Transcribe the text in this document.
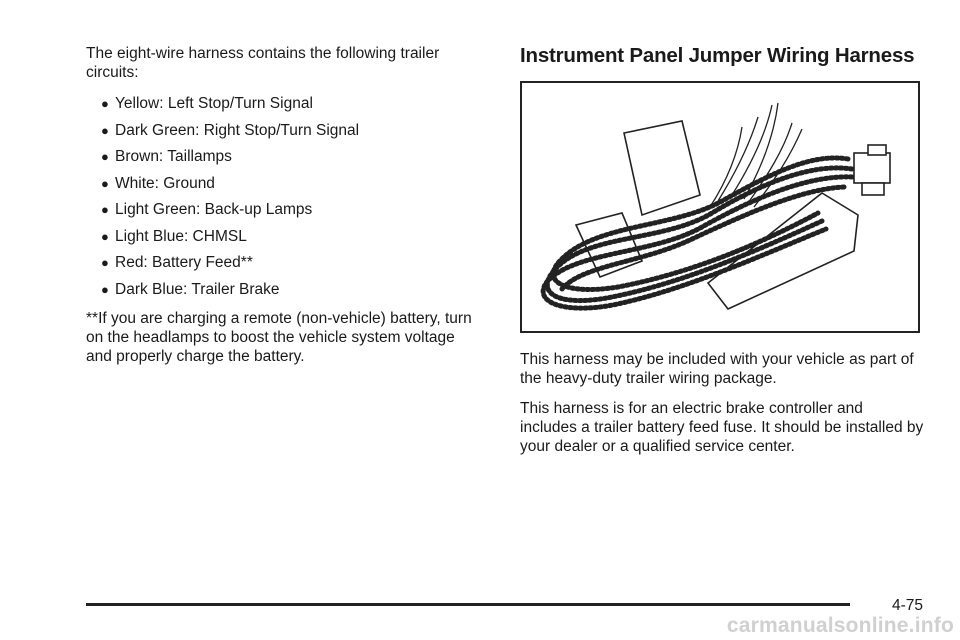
The eight-wire harness contains the following trailer circuits:

● Yellow: Left Stop/Turn Signal
● Dark Green: Right Stop/Turn Signal
● Brown: Taillamps
● White: Ground
● Light Green: Back-up Lamps
● Light Blue: CHMSL
● Red: Battery Feed**
● Dark Blue: Trailer Brake

**If you are charging a remote (non-vehicle) battery, turn on the headlamps to boost the vehicle system voltage and properly charge the battery.

Instrument Panel Jumper Wiring Harness

This harness may be included with your vehicle as part of the heavy-duty trailer wiring package.

This harness is for an electric brake controller and includes a trailer battery feed fuse. It should be installed by your dealer or a qualified service center.

4-75
carmanualsonline.info
